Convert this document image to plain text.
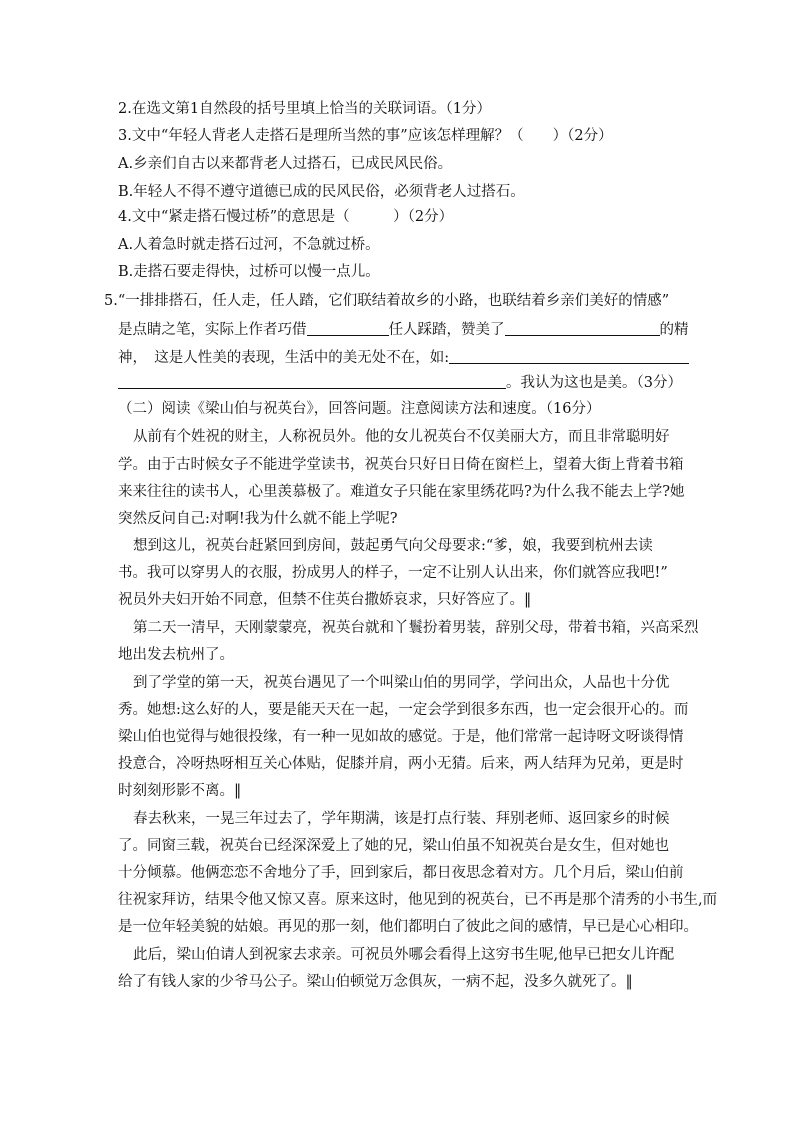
2.在选文第1自然段的括号里填上恰当的关联词语。（1分）
3.文中“年轻人背老人走搭石是理所当然的事”应该怎样理解？（　　）（2分）
A.乡亲们自古以来都背老人过搭石，已成民风民俗。
B.年轻人不得不遵守道德已成的民风民俗，必须背老人过搭石。
4.文中“紧走搭石慢过桥”的意思是（　　　）（2分）
A.人着急时就走搭石过河，不急就过桥。
B.走搭石要走得快，过桥可以慢一点儿。
5.“一排排搭石，任人走，任人踏，它们联结着故乡的小路，也联结着乡亲们美好的情感”
是点睛之笔，实际上作者巧借	任人踩踏，赞美了	的精
神，　这是人性美的表现，生活中的美无处不在，如:
。我认为这也是美。（3分）
（二）阅读《梁山伯与祝英台》，回答问题。注意阅读方法和速度。（16分）
从前有个姓祝的财主，人称祝员外。他的女儿祝英台不仅美丽大方，而且非常聪明好
学。由于古时候女子不能进学堂读书，祝英台只好日日倚在窗栏上，望着大街上背着书箱
来来往往的读书人，心里羡慕极了。难道女子只能在家里绣花吗?为什么我不能去上学?她
突然反问自己:对啊!我为什么就不能上学呢?
想到这儿，祝英台赶紧回到房间，鼓起勇气向父母要求:“爹，娘，我要到杭州去读
书。我可以穿男人的衣服，扮成男人的样子，一定不让别人认出来，你们就答应我吧!”
祝员外夫妇开始不同意，但禁不住英台撒娇哀求，只好答应了。‖
第二天一清早，天刚蒙蒙亮，祝英台就和丫鬟扮着男装，辞别父母，带着书箱，兴高采烈
地出发去杭州了。
到了学堂的第一天，祝英台遇见了一个叫梁山伯的男同学，学问出众，人品也十分优
秀。她想:这么好的人，要是能天天在一起，一定会学到很多东西，也一定会很开心的。而
梁山伯也觉得与她很投缘，有一种一见如故的感觉。于是，他们常常一起诗呀文呀谈得情
投意合，冷呀热呀相互关心体贴，促膝并肩，两小无猜。后来，两人结拜为兄弟，更是时
时刻刻形影不离。‖
春去秋来，一晃三年过去了，学年期满，该是打点行装、拜别老师、返回家乡的时候
了。同窗三载，祝英台已经深深爱上了她的兄，梁山伯虽不知祝英台是女生，但对她也
十分倾慕。他俩恋恋不舍地分了手，回到家后，都日夜思念着对方。几个月后，梁山伯前
往祝家拜访，结果令他又惊又喜。原来这时，他见到的祝英台，已不再是那个清秀的小书生,而
是一位年轻美貌的姑娘。再见的那一刻，他们都明白了彼此之间的感情，早已是心心相印。
此后，梁山伯请人到祝家去求亲。可祝员外哪会看得上这穷书生呢,他早已把女儿许配
给了有钱人家的少爷马公子。梁山伯顿觉万念俱灰，一病不起，没多久就死了。‖
